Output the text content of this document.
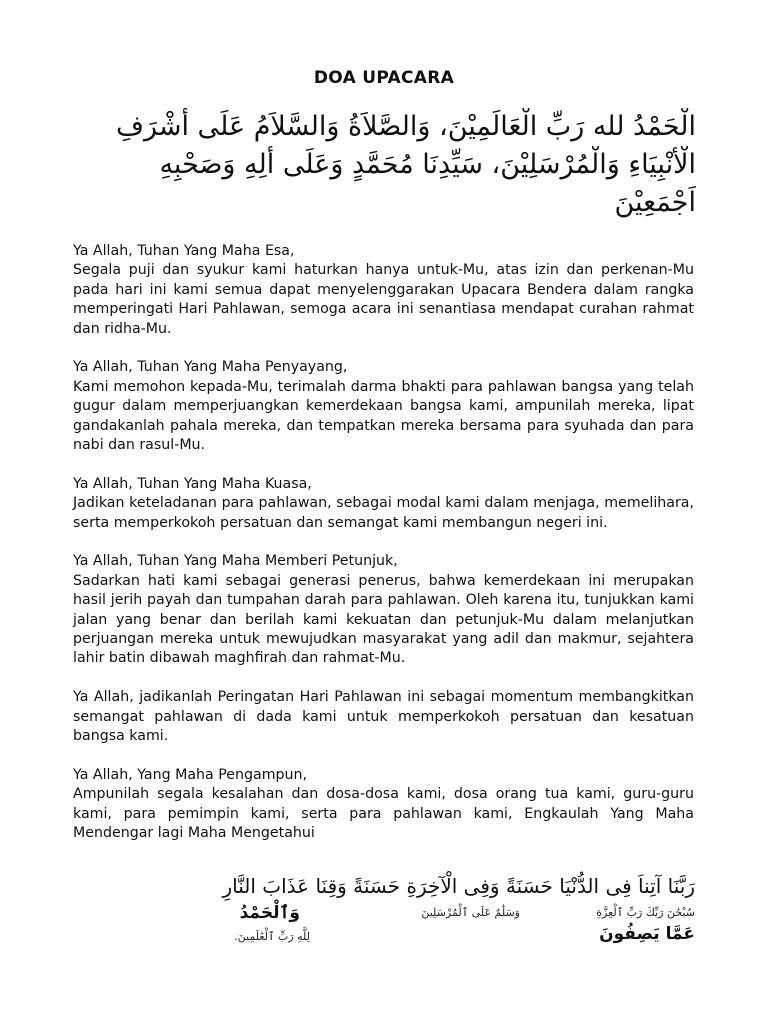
DOA UPACARA
الْحَمْدُ لله رَبِّ الْعَالَمِيْنَ، وَالصَّلاَةُ وَالسَّلاَمُ عَلَى أَشْرَفِ
الْأَنْبِيَاءِ وَالْمُرْسَلِيْنَ، سَيِّدِنَا مُحَمَّدٍ وَعَلَى أٰلِهِ وَصَحْبِهِ
اَجْمَعِيْنَ
Ya Allah, Tuhan Yang Maha Esa,
Segala puji dan syukur kami haturkan hanya untuk-Mu, atas izin dan perkenan-Mu pada hari ini kami semua dapat menyelenggarakan Upacara Bendera dalam rangka memperingati Hari Pahlawan, semoga acara ini senantiasa mendapat curahan rahmat dan ridha-Mu.
Ya Allah, Tuhan Yang Maha Penyayang,
Kami memohon kepada-Mu, terimalah darma bhakti para pahlawan bangsa yang telah gugur dalam memperjuangkan kemerdekaan bangsa kami, ampunilah mereka, lipat gandakanlah pahala mereka, dan tempatkan mereka bersama para syuhada dan para nabi dan rasul-Mu.
Ya Allah, Tuhan Yang Maha Kuasa,
Jadikan keteladanan para pahlawan, sebagai modal kami dalam menjaga, memelihara, serta memperkokoh persatuan dan semangat kami membangun negeri ini.
Ya Allah, Tuhan Yang Maha Memberi Petunjuk,
Sadarkan hati kami sebagai generasi penerus, bahwa kemerdekaan ini merupakan hasil jerih payah dan tumpahan darah para pahlawan. Oleh karena itu, tunjukkan kami jalan yang benar dan berilah kami kekuatan dan petunjuk-Mu dalam melanjutkan perjuangan mereka untuk mewujudkan masyarakat yang adil dan makmur, sejahtera lahir batin dibawah maghfirah dan rahmat-Mu.
Ya Allah, jadikanlah Peringatan Hari Pahlawan ini sebagai momentum membangkitkan semangat pahlawan di dada kami untuk memperkokoh persatuan dan kesatuan bangsa kami.
Ya Allah, Yang Maha Pengampun,
Ampunilah segala kesalahan dan dosa-dosa kami, dosa orang tua kami, guru-guru kami, para pemimpin kami, serta para pahlawan kami, Engkaulah Yang Maha Mendengar lagi Maha Mengetahui
رَبَّنَا آتِناَ فِى الدُّنْيَا حَسَنَةً وَفِى الْآخِرَةِ حَسَنَةً وَقِنَا عَذَابَ النَّارِ
سُبْحَٰنَ رَبِّكَ رَبِّ ٱلْعِزَّةِ
عَمَّا يَصِفُونَ
وَسَلَٰمٌ عَلَى ٱلْمُرْسَلِينَ
وَٱلْحَمْدُ
لِلَّهِ رَبِّ ٱلْعَٰلَمِينَ.
